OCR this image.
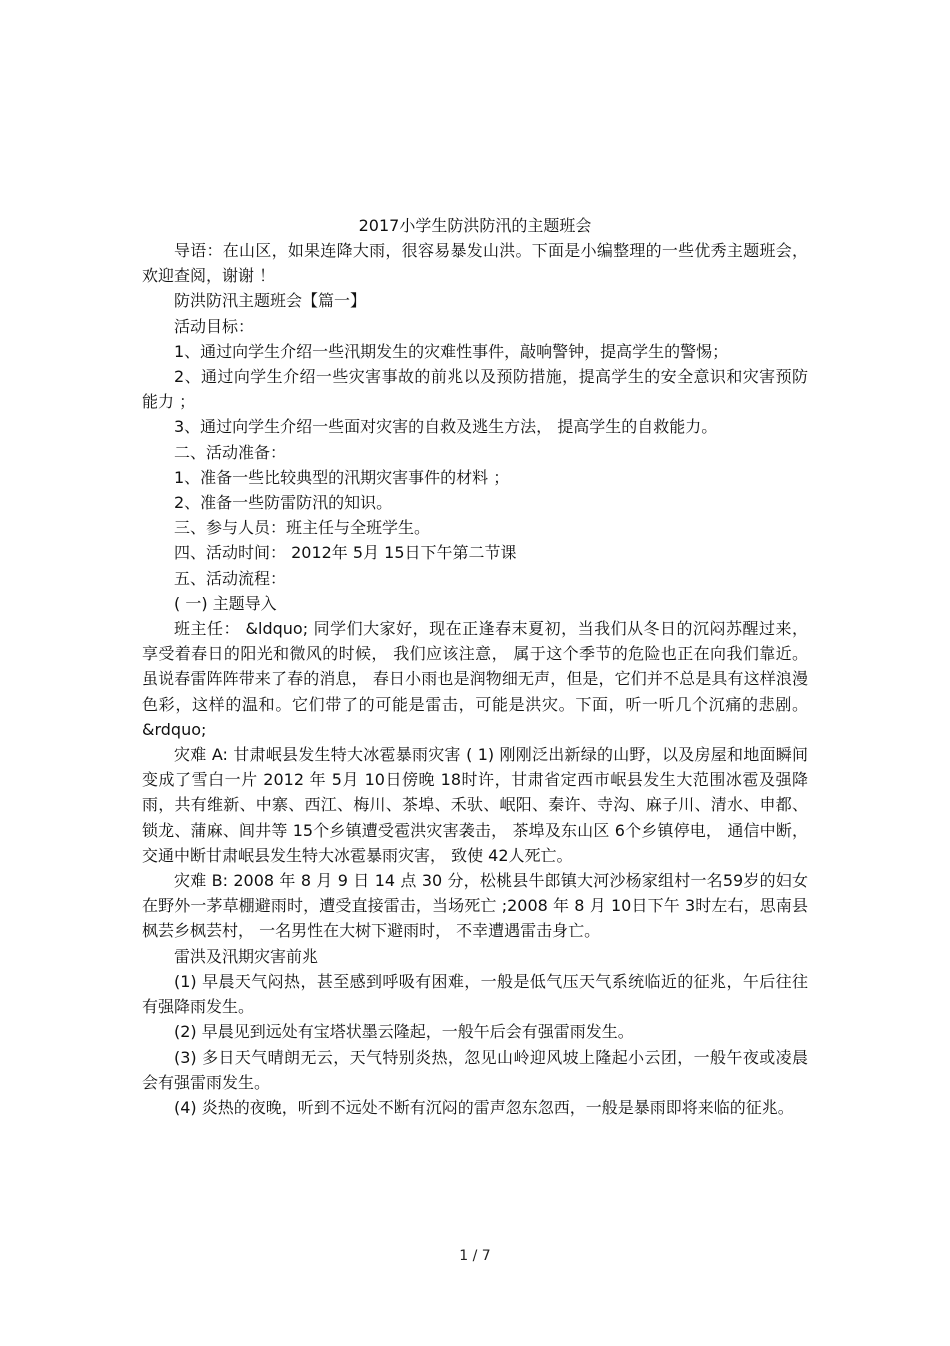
2017小学生防洪防汛的主题班会

导语：在山区，如果连降大雨，很容易暴发山洪。下面是小编整理的一些优秀主题班会，欢迎查阅，谢谢 ！

防洪防汛主题班会【篇一】

活动目标：

1、通过向学生介绍一些汛期发生的灾难性事件，敲响警钟，提高学生的警惕；

2、通过向学生介绍一些灾害事故的前兆以及预防措施，提高学生的安全意识和灾害预防能力 ；

3、通过向学生介绍一些面对灾害的自救及逃生方法， 提高学生的自救能力。

二、活动准备：

1、准备一些比较典型的汛期灾害事件的材料 ；

2、准备一些防雷防汛的知识。

三、参与人员：班主任与全班学生。

四、活动时间： 2012年 5月 15日下午第二节课

五、活动流程：

( 一) 主题导入

班主任： &ldquo; 同学们大家好，现在正逢春末夏初，当我们从冬日的沉闷苏醒过来， 享受着春日的阳光和微风的时候， 我们应该注意， 属于这个季节的危险也正在向我们靠近。 虽说春雷阵阵带来了春的消息， 春日小雨也是润物细无声，但是，它们并不总是具有这样浪漫色彩，这样的温和。它们带了的可能是雷击，可能是洪灾。下面，听一听几个沉痛的悲剧。 &rdquo;

灾难 A: 甘肃岷县发生特大冰雹暴雨灾害 ( 1) 刚刚泛出新绿的山野，以及房屋和地面瞬间变成了雪白一片 2012 年 5月 10日傍晚 18时许，甘肃省定西市岷县发生大范围冰雹及强降雨，共有维新、中寨、西江、梅川、茶埠、禾驮、岷阳、秦许、寺沟、麻子川、清水、申都、锁龙、蒲麻、闾井等 15个乡镇遭受雹洪灾害袭击， 茶埠及东山区 6个乡镇停电， 通信中断， 交通中断甘肃岷县发生特大冰雹暴雨灾害， 致使 42人死亡。

灾难 B: 2008 年 8 月 9 日 14 点 30 分，松桃县牛郎镇大河沙杨家组村一名59岁的妇女在野外一茅草棚避雨时，遭受直接雷击，当场死亡 ;2008 年 8 月 10日下午 3时左右，思南县枫芸乡枫芸村， 一名男性在大树下避雨时， 不幸遭遇雷击身亡。

雷洪及汛期灾害前兆

(1) 早晨天气闷热，甚至感到呼吸有困难，一般是低气压天气系统临近的征兆，午后往往有强降雨发生。

(2) 早晨见到远处有宝塔状墨云隆起，一般午后会有强雷雨发生。

(3) 多日天气晴朗无云，天气特别炎热，忽见山岭迎风坡上隆起小云团，一般午夜或凌晨会有强雷雨发生。

(4) 炎热的夜晚，听到不远处不断有沉闷的雷声忽东忽西，一般是暴雨即将来临的征兆。

1 / 7
